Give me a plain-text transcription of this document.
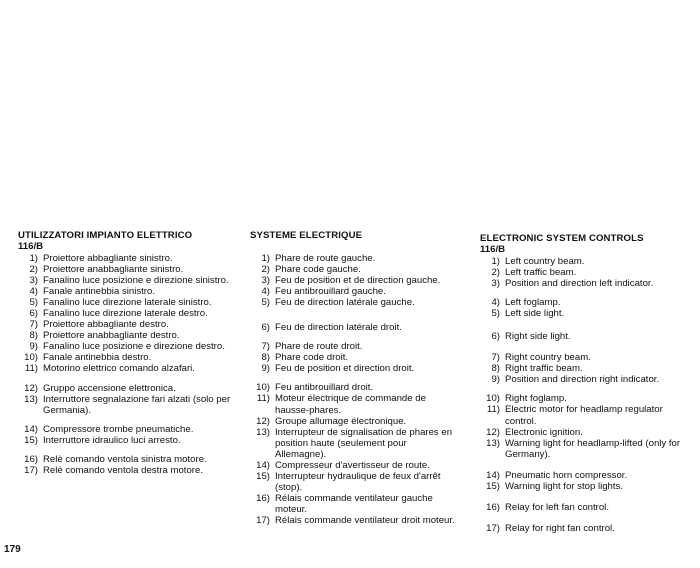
UTILIZZATORI IMPIANTO ELETTRICO

116/B

1) Proiettore abbagliante sinistro.
2) Proiettore anabbagliante sinistro.
3) Fanalino luce posizione e direzione sinistro.
4) Fanale antinebbia sinistro.
5) Fanalino luce direzione laterale sinistro.
6) Fanalino luce direzione laterale destro.
7) Proiettore abbagliante destro.
8) Proiettore anabbagliante destro.
9) Fanalino luce posizione e direzione destro.
10) Fanale antinebbia destro.
11) Motorino elettrico comando alzafari.
12) Gruppo accensione elettronica.
13) Interruttore segnalazione fari alzati (solo per Germania).
14) Compressore trombe pneumatiche.
15) Interruttore idraulico luci arresto.
16) Relè comando ventola sinistra motore.
17) Relè comando ventola destra motore.

SYSTEME ELECTRIQUE

1) Phare de route gauche.
2) Phare code gauche.
3) Feu de position et de direction gauche.
4) Feu antibrouillard gauche.
5) Feu de direction latérale gauche.
6) Feu de direction latérale droit.
7) Phare de route droit.
8) Phare code droit.
9) Feu de position et direction droit.
10) Feu antibrouillard droit.
11) Moteur électrique de commande de hausse-phares.
12) Groupe allumage électronique.
13) Interrupteur de signalisation de phares en position haute (seulement pour Allemagne).
14) Compresseur d'avertisseur de route.
15) Interrupteur hydraulique de feux d'arrêt (stop).
16) Rélais commande ventilateur gauche moteur.
17) Rélais commande ventilateur droit moteur.

ELECTRONIC SYSTEM CONTROLS

116/B

1) Left country beam.
2) Left traffic beam.
3) Position and direction left indicator.
4) Left foglamp.
5) Left side light.
6) Right side light.
7) Right country beam.
8) Right traffic beam.
9) Position and direction right indicator.
10) Right foglamp.
11) Electric motor for headlamp regulator control.
12) Electronic ignition.
13) Warning light for headlamp-lifted (only for Germany).
14) Pneumatic horn compressor.
15) Warning light for stop lights.
16) Relay for left fan control.
17) Relay for right fan control.
179
